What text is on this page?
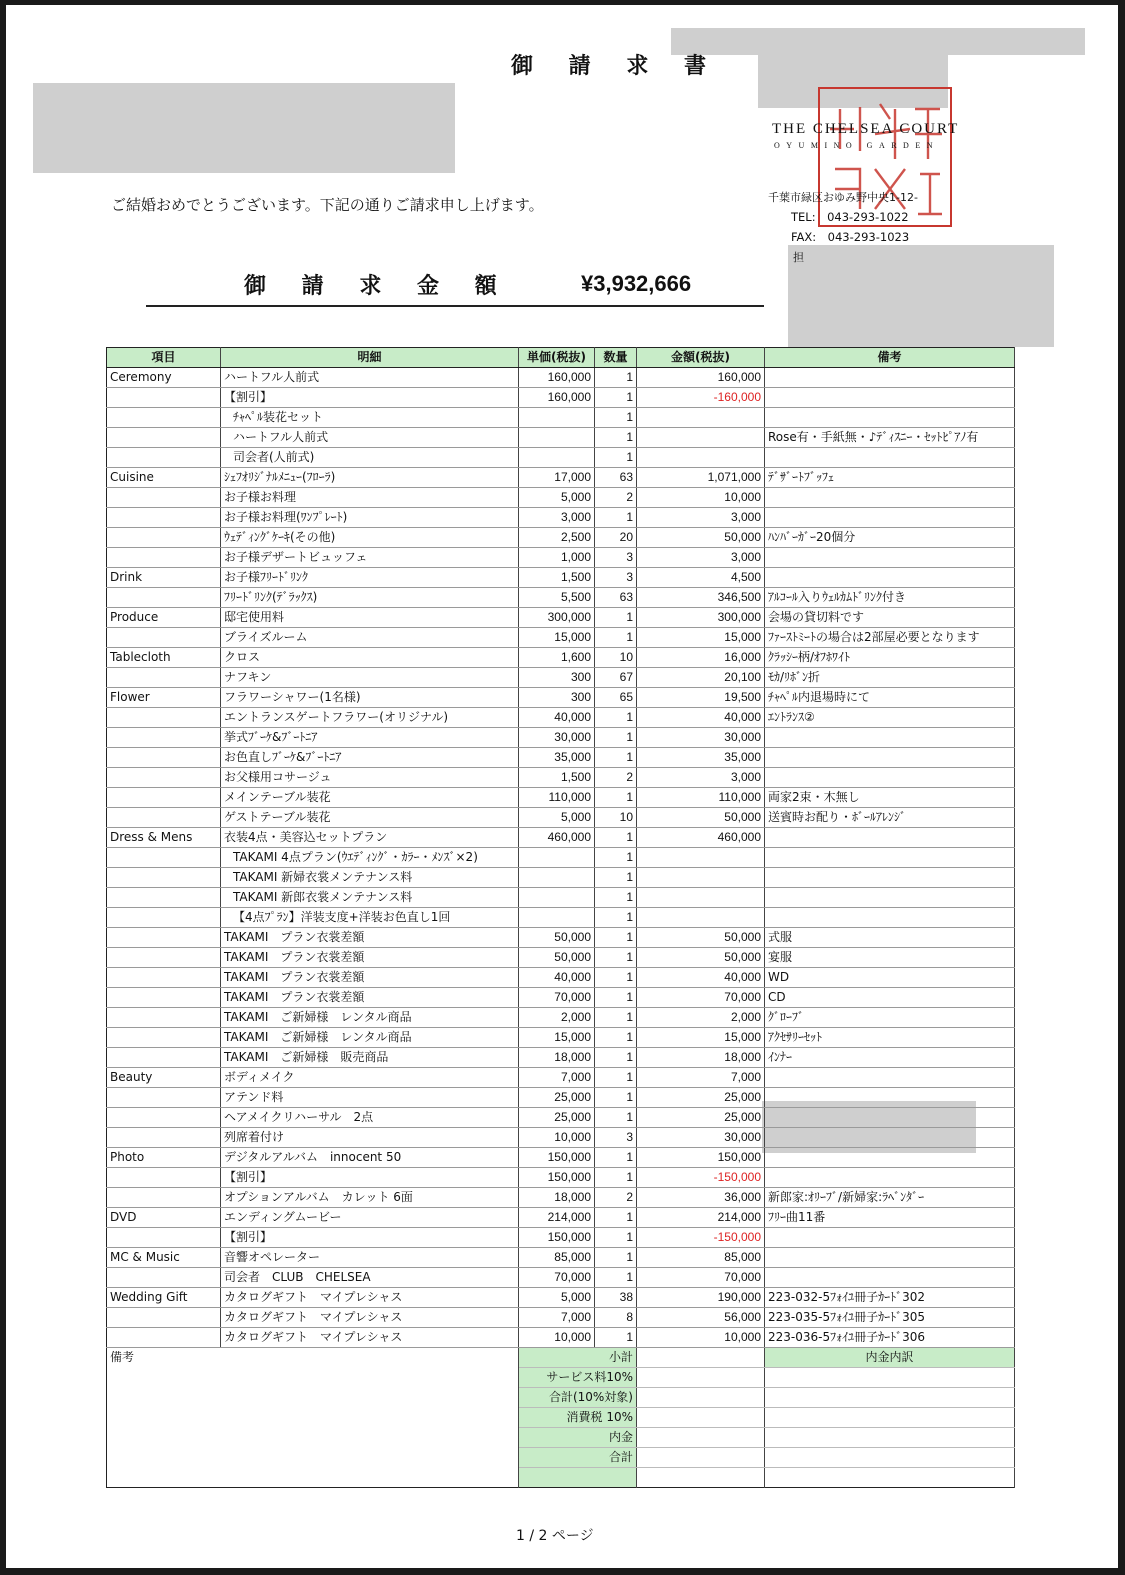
御 請 求 書
ご結婚おめでとうございます。下記の通りご請求申し上げます。
THE CHELSEA COURT
OYUMINO GARDEN
千葉市緑区おゆみ野中央1-12-
TEL:　043-293-1022
FAX:　043-293-1023
担
御 請 求 金 額	¥3,932,666
項目	明細	単価(税抜)	数量	金額(税抜)	備考
Ceremony	ハートフル人前式	160,000	1	160,000	
	【割引】	160,000	1	-160,000	
	ﾁｬﾍﾟﾙ装花セット		1		
	ハートフル人前式		1		Rose有・手紙無・♪ﾃﾞｨｽﾆｰ・ｾｯﾄﾋﾟｱﾉ有
	司会者(人前式)		1		
Cuisine	ｼｪﾌｵﾘｼﾞﾅﾙﾒﾆｭｰ(ﾌﾛｰﾗ)	17,000	63	1,071,000	ﾃﾞｻﾞｰﾄﾌﾞｯﾌｪ
	お子様お料理	5,000	2	10,000	
	お子様お料理(ﾜﾝﾌﾟﾚｰﾄ)	3,000	1	3,000	
	ｳｪﾃﾞｨﾝｸﾞｹｰｷ(その他)	2,500	20	50,000	ﾊﾝﾊﾞｰｶﾞｰ20個分
	お子様デザートビュッフェ	1,000	3	3,000	
Drink	お子様ﾌﾘｰﾄﾞﾘﾝｸ	1,500	3	4,500	
	ﾌﾘｰﾄﾞﾘﾝｸ(ﾃﾞﾗｯｸｽ)	5,500	63	346,500	ｱﾙｺｰﾙ入りｳｪﾙｶﾑﾄﾞﾘﾝｸ付き
Produce	邸宅使用料	300,000	1	300,000	会場の貸切料です
	ブライズルーム	15,000	1	15,000	ﾌｧｰｽﾄﾐｰﾄの場合は2部屋必要となります
Tablecloth	クロス	1,600	10	16,000	ｸﾗｯｼｰ柄/ｵﾌﾎﾜｲﾄ
	ナフキン	300	67	20,100	ﾓｶ/ﾘﾎﾞﾝ折
Flower	フラワーシャワー(1名様)	300	65	19,500	ﾁｬﾍﾟﾙ内退場時にて
	エントランスゲートフラワー(オリジナル)	40,000	1	40,000	ｴﾝﾄﾗﾝｽ②
	挙式ﾌﾞｰｹ&ﾌﾞｰﾄﾆｱ	30,000	1	30,000	
	お色直しﾌﾞｰｹ&ﾌﾞｰﾄﾆｱ	35,000	1	35,000	
	お父様用コサージュ	1,500	2	3,000	
	メインテーブル装花	110,000	1	110,000	両家2束・木無し
	ゲストテーブル装花	5,000	10	50,000	送賓時お配り・ﾎﾞｰﾙｱﾚﾝｼﾞ
Dress & Mens	衣装4点・美容込セットプラン	460,000	1	460,000	
	TAKAMI 4点プラン(ｳｴﾃﾞｨﾝｸﾞ・ｶﾗｰ・ﾒﾝｽﾞ×2)		1		
	TAKAMI 新婦衣裳メンテナンス料		1		
	TAKAMI 新郎衣裳メンテナンス料		1		
	【4点ﾌﾟﾗﾝ】洋装支度+洋装お色直し1回		1		
	TAKAMI　プラン衣裳差額	50,000	1	50,000	式服
	TAKAMI　プラン衣裳差額	50,000	1	50,000	宴服
	TAKAMI　プラン衣裳差額	40,000	1	40,000	WD
	TAKAMI　プラン衣裳差額	70,000	1	70,000	CD
	TAKAMI　ご新婦様　レンタル商品	2,000	1	2,000	ｸﾞﾛｰﾌﾞ
	TAKAMI　ご新婦様　レンタル商品	15,000	1	15,000	ｱｸｾｻﾘｰｾｯﾄ
	TAKAMI　ご新婦様　販売商品	18,000	1	18,000	ｲﾝﾅｰ
Beauty	ボディメイク	7,000	1	7,000	
	アテンド料	25,000	1	25,000	
	ヘアメイクリハーサル　2点	25,000	1	25,000	
	列席着付け	10,000	3	30,000	
Photo	デジタルアルバム　innocent 50	150,000	1	150,000	
	【割引】	150,000	1	-150,000	
	オプションアルバム　カレット 6面	18,000	2	36,000	新郎家:ｵﾘｰﾌﾞ/新婦家:ﾗﾍﾞﾝﾀﾞｰ
DVD	エンディングムービー	214,000	1	214,000	ﾌﾘｰ曲11番
	【割引】	150,000	1	-150,000	
MC & Music	音響オペレーター	85,000	1	85,000	
	司会者　CLUB　CHELSEA	70,000	1	70,000	
Wedding Gift	カタログギフト　マイプレシャス	5,000	38	190,000	223-032-5ﾌｫｲﾕ冊子ｶｰﾄﾞ302
	カタログギフト　マイプレシャス	7,000	8	56,000	223-035-5ﾌｫｲﾕ冊子ｶｰﾄﾞ305
	カタログギフト　マイプレシャス	10,000	1	10,000	223-036-5ﾌｫｲﾕ冊子ｶｰﾄﾞ306
備考	小計		内金内訳
	サービス料10%		
	合計(10%対象)		
	消費税 10%		
	内金		
	合計		

1 / 2 ページ
